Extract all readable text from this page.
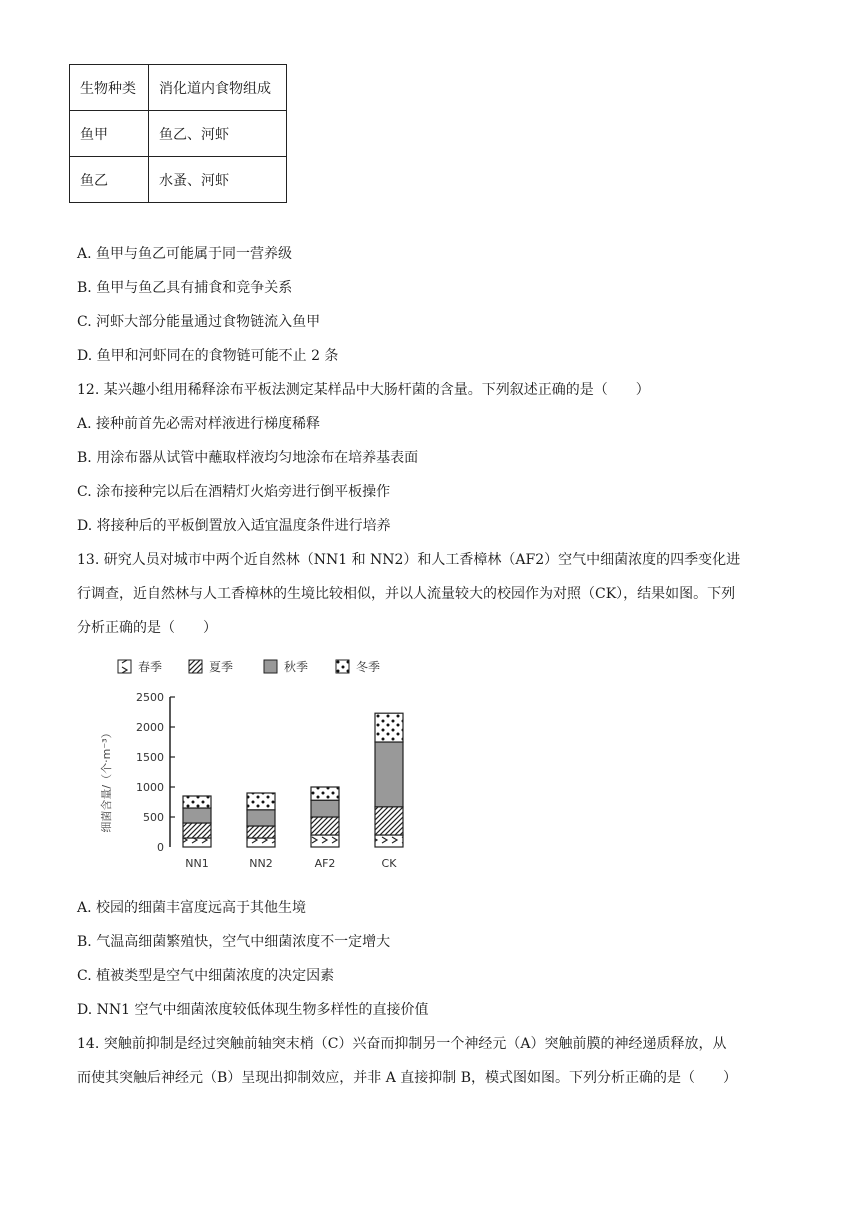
生物种类	消化道内食物组成
鱼甲	鱼乙、河虾
鱼乙	水蚤、河虾
A. 鱼甲与鱼乙可能属于同一营养级
B. 鱼甲与鱼乙具有捕食和竞争关系
C. 河虾大部分能量通过食物链流入鱼甲
D. 鱼甲和河虾同在的食物链可能不止 2 条
12. 某兴趣小组用稀释涂布平板法测定某样品中大肠杆菌的含量。下列叙述正确的是（　　）
A. 接种前首先必需对样液进行梯度稀释
B. 用涂布器从试管中蘸取样液均匀地涂布在培养基表面
C. 涂布接种完以后在酒精灯火焰旁进行倒平板操作
D. 将接种后的平板倒置放入适宜温度条件进行培养
13. 研究人员对城市中两个近自然林（NN1 和 NN2）和人工香樟林（AF2）空气中细菌浓度的四季变化进
行调查，近自然林与人工香樟林的生境比较相似，并以人流量较大的校园作为对照（CK），结果如图。下列
分析正确的是（　　）
春季	夏季	秋季	冬季
0
500
1000
1500
2000
2500
细菌含量/（个·m⁻³）
NN1	NN2	AF2	CK
A. 校园的细菌丰富度远高于其他生境
B. 气温高细菌繁殖快，空气中细菌浓度不一定增大
C. 植被类型是空气中细菌浓度的决定因素
D. NN1 空气中细菌浓度较低体现生物多样性的直接价值
14. 突触前抑制是经过突触前轴突末梢（C）兴奋而抑制另一个神经元（A）突触前膜的神经递质释放，从
而使其突触后神经元（B）呈现出抑制效应，并非 A 直接抑制 B，模式图如图。下列分析正确的是（　　）
